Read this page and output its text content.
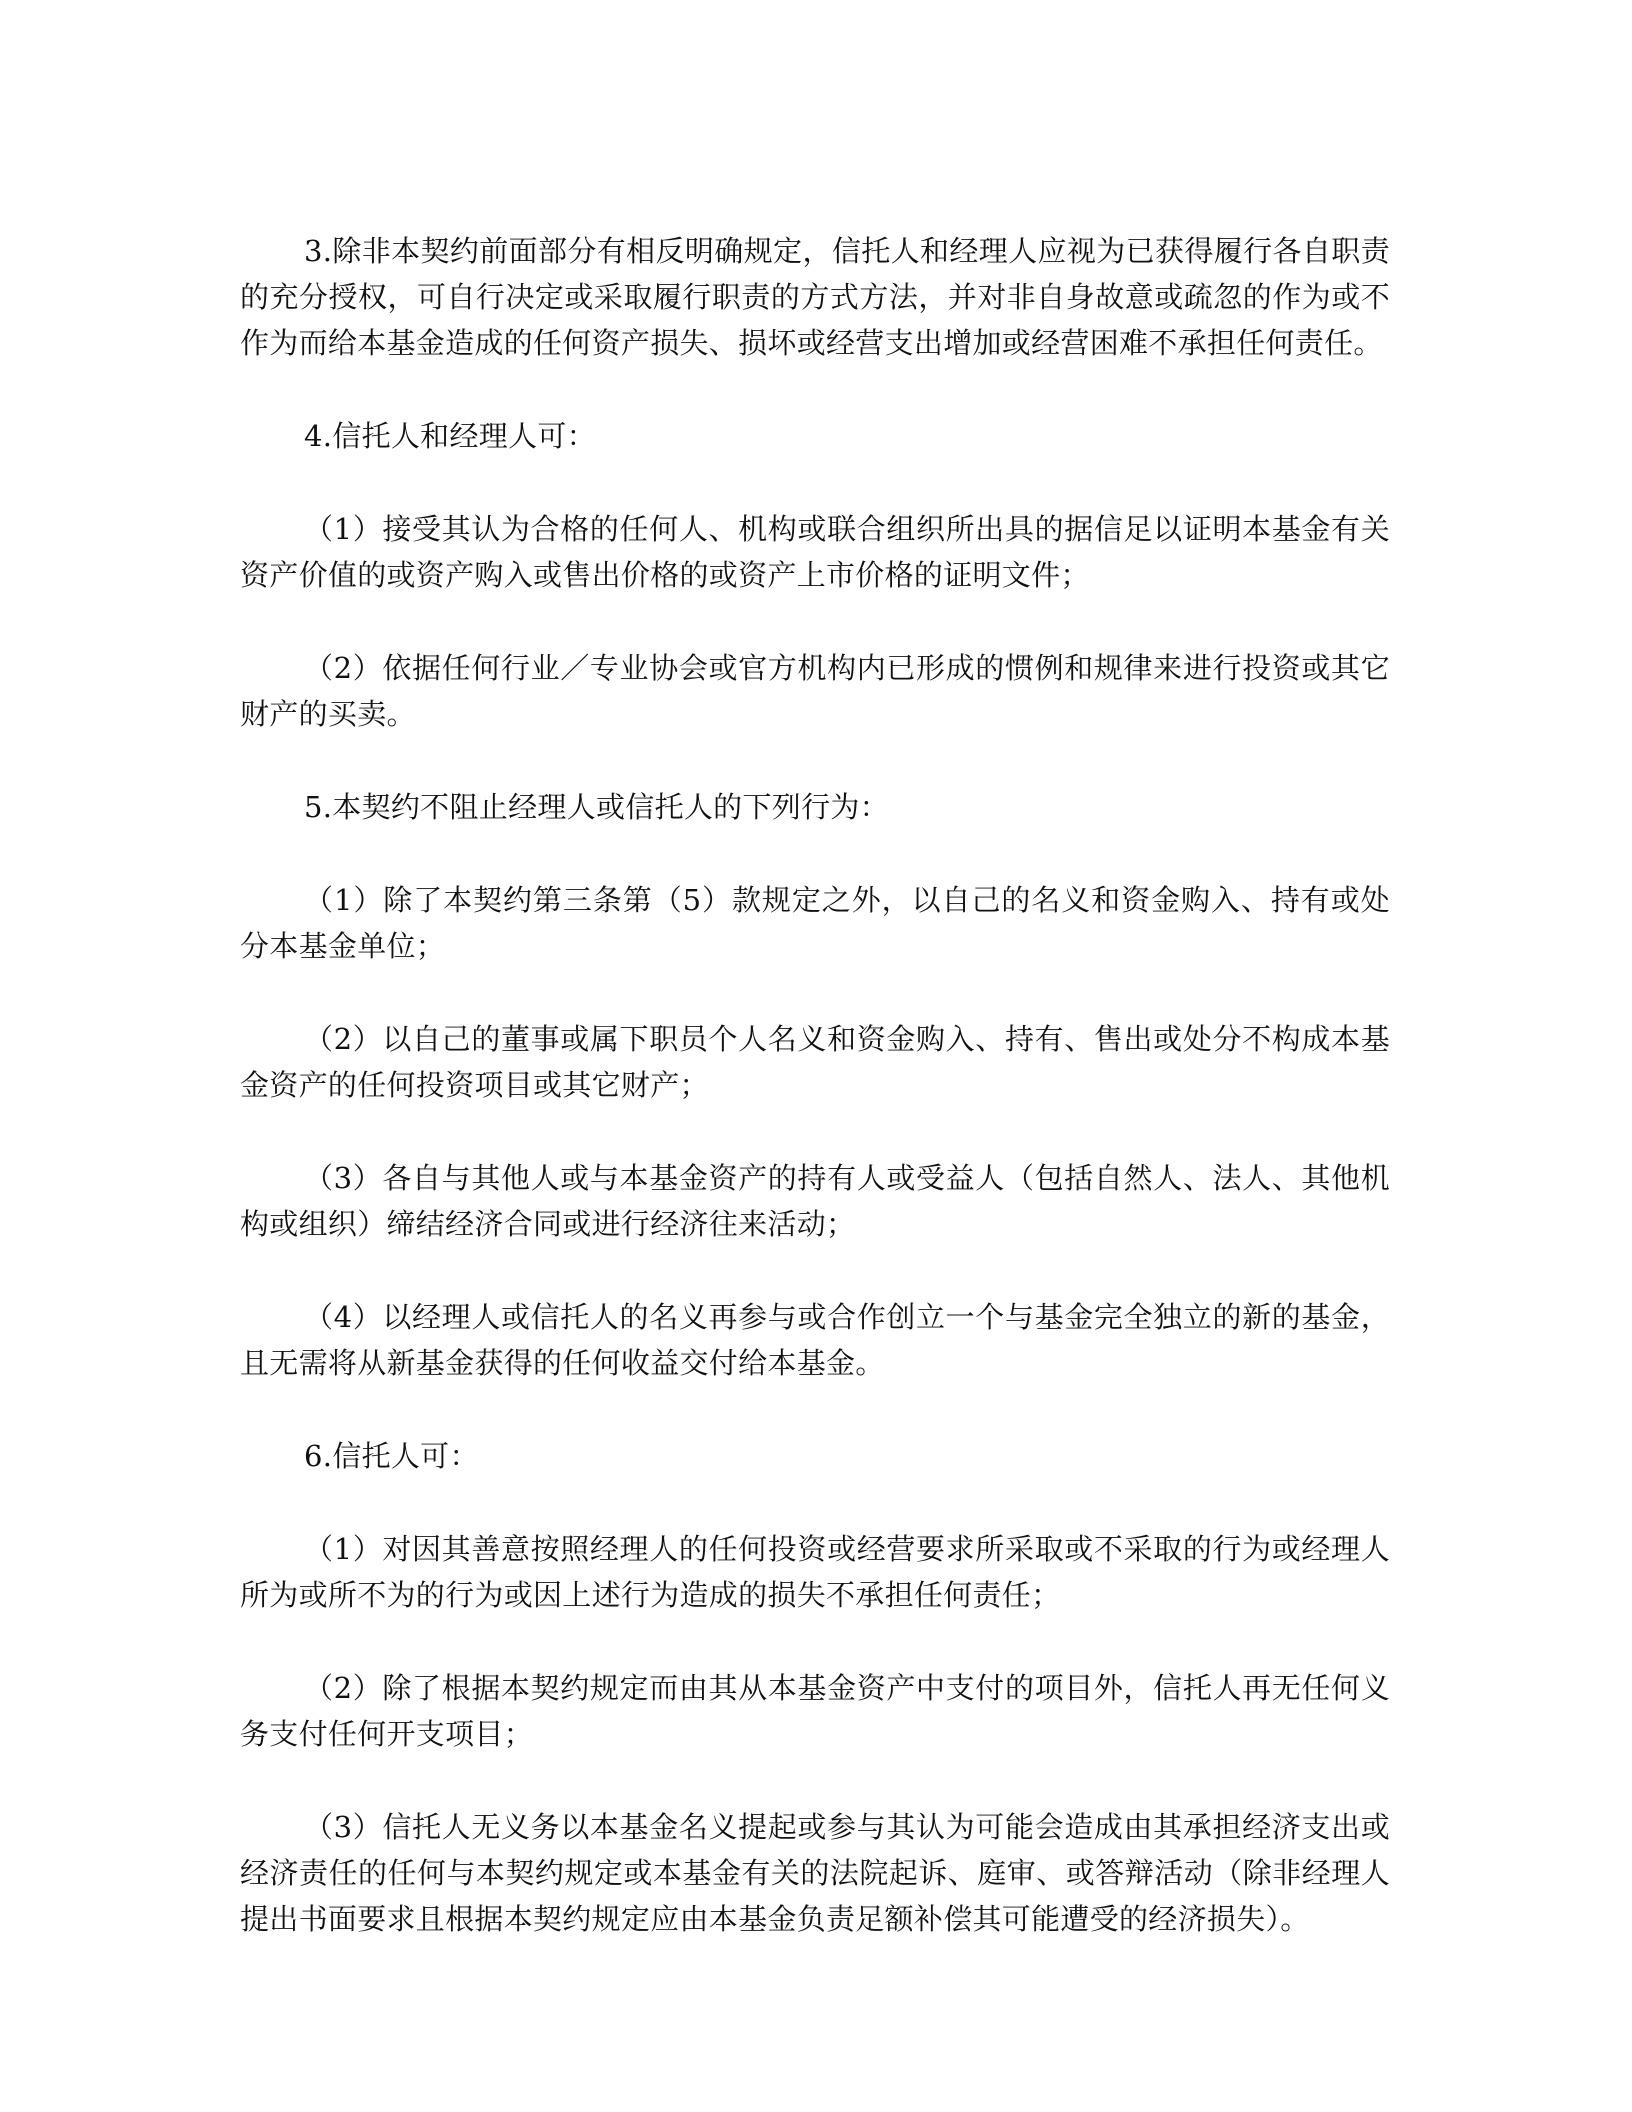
3.除非本契约前面部分有相反明确规定，信托人和经理人应视为已获得履行各自职责的充分授权，可自行决定或采取履行职责的方式方法，并对非自身故意或疏忽的作为或不作为而给本基金造成的任何资产损失、损坏或经营支出增加或经营困难不承担任何责任。

4.信托人和经理人可：

（1）接受其认为合格的任何人、机构或联合组织所出具的据信足以证明本基金有关资产价值的或资产购入或售出价格的或资产上市价格的证明文件；

（2）依据任何行业／专业协会或官方机构内已形成的惯例和规律来进行投资或其它财产的买卖。

5.本契约不阻止经理人或信托人的下列行为：

（1）除了本契约第三条第（5）款规定之外，以自己的名义和资金购入、持有或处分本基金单位；

（2）以自己的董事或属下职员个人名义和资金购入、持有、售出或处分不构成本基金资产的任何投资项目或其它财产；

（3）各自与其他人或与本基金资产的持有人或受益人（包括自然人、法人、其他机构或组织）缔结经济合同或进行经济往来活动；

（4）以经理人或信托人的名义再参与或合作创立一个与基金完全独立的新的基金，且无需将从新基金获得的任何收益交付给本基金。

6.信托人可：

（1）对因其善意按照经理人的任何投资或经营要求所采取或不采取的行为或经理人所为或所不为的行为或因上述行为造成的损失不承担任何责任；

（2）除了根据本契约规定而由其从本基金资产中支付的项目外，信托人再无任何义务支付任何开支项目；

（3）信托人无义务以本基金名义提起或参与其认为可能会造成由其承担经济支出或经济责任的任何与本契约规定或本基金有关的法院起诉、庭审、或答辩活动（除非经理人提出书面要求且根据本契约规定应由本基金负责足额补偿其可能遭受的经济损失）。
